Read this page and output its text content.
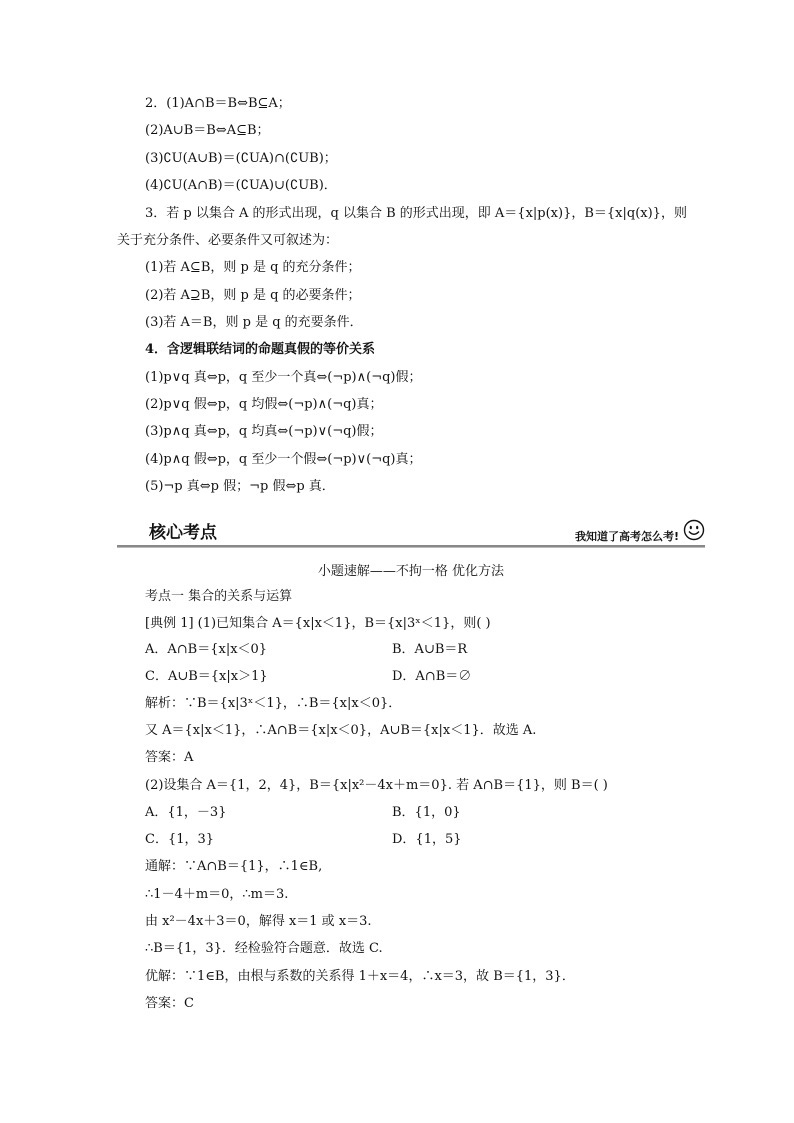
2．(1)A∩B＝B⇔B⊆A；
(2)A∪B＝B⇔A⊆B；
(3)∁U(A∪B)＝(∁UA)∩(∁UB)；
(4)∁U(A∩B)＝(∁UA)∪(∁UB)．
3．若 p 以集合 A 的形式出现，q 以集合 B 的形式出现，即 A＝{x|p(x)}，B＝{x|q(x)}，则
关于充分条件、必要条件又可叙述为：
(1)若 A⊆B，则 p 是 q 的充分条件；
(2)若 A⊇B，则 p 是 q 的必要条件；
(3)若 A＝B，则 p 是 q 的充要条件．
4．含逻辑联结词的命题真假的等价关系
(1)p∨q 真⇔p，q 至少一个真⇔(¬p)∧(¬q)假；
(2)p∨q 假⇔p，q 均假⇔(¬p)∧(¬q)真；
(3)p∧q 真⇔p，q 均真⇔(¬p)∨(¬q)假；
(4)p∧q 假⇔p，q 至少一个假⇔(¬p)∨(¬q)真；
(5)¬p 真⇔p 假；¬p 假⇔p 真．
核心考点	我知道了高考怎么考!
小题速解——不拘一格 优化方法
考点一 集合的关系与运算
[典例 1] (1)已知集合 A＝{x|x＜1}，B＝{x|3ˣ＜1}，则( )
A．A∩B＝{x|x＜0}	B．A∪B＝R
C．A∪B＝{x|x＞1}	D．A∩B＝∅
解析：∵B＝{x|3ˣ＜1}，∴B＝{x|x＜0}．
又 A＝{x|x＜1}，∴A∩B＝{x|x＜0}，A∪B＝{x|x＜1}．故选 A.
答案：A
(2)设集合 A＝{1，2，4}，B＝{x|x²－4x＋m＝0}. 若 A∩B＝{1}，则 B＝( )
A．{1，－3}	B．{1，0}
C．{1，3}	D．{1，5}
通解：∵A∩B＝{1}，∴1∈B,
∴1－4＋m＝0，∴m＝3.
由 x²－4x＋3＝0，解得 x＝1 或 x＝3.
∴B＝{1，3}．经检验符合题意．故选 C.
优解：∵1∈B，由根与系数的关系得 1＋x＝4，∴x＝3，故 B＝{1，3}．
答案：C
